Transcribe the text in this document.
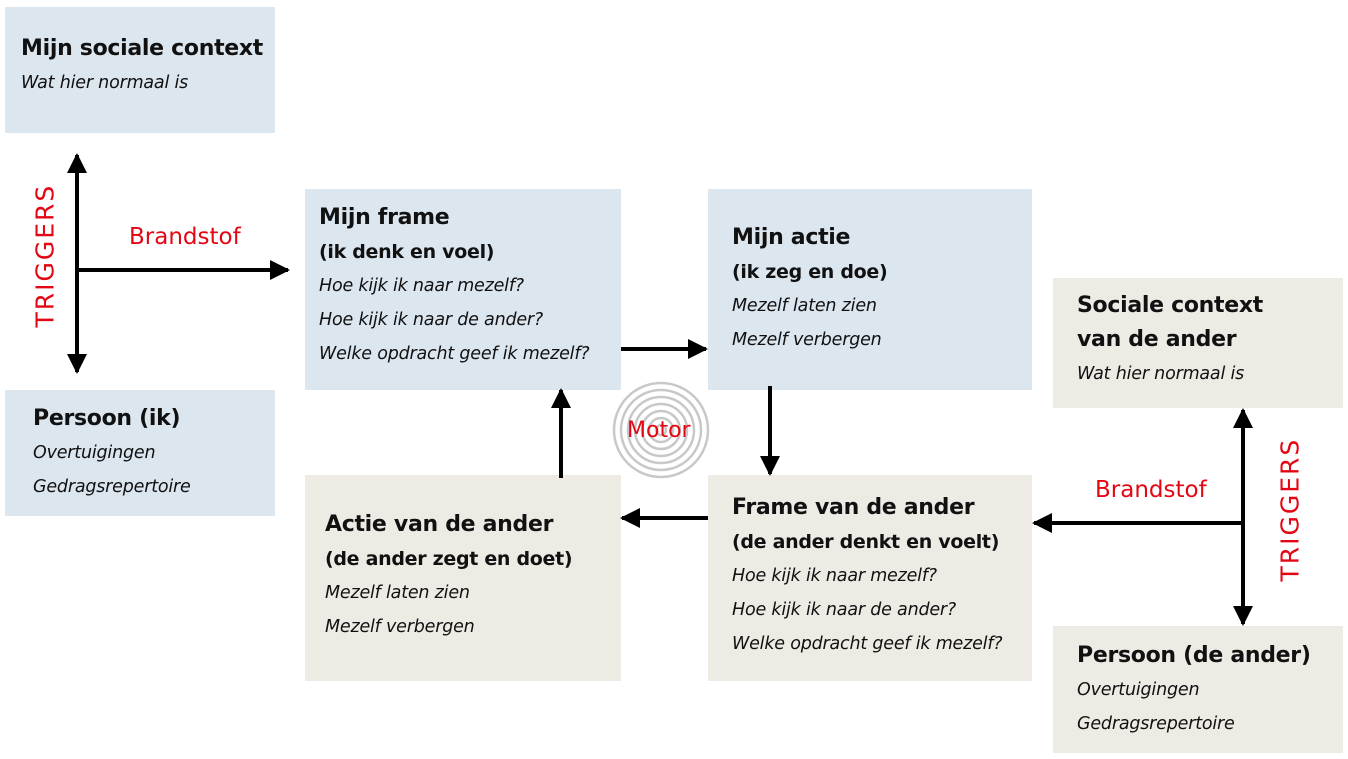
Mijn sociale context
Wat hier normaal is
Persoon (ik)
Overtuigingen
Gedragsrepertoire
Mijn frame
(ik denk en voel)
Hoe kijk ik naar mezelf?
Hoe kijk ik naar de ander?
Welke opdracht geef ik mezelf?
Mijn actie
(ik zeg en doe)
Mezelf laten zien
Mezelf verbergen
Actie van de ander
(de ander zegt en doet)
Mezelf laten zien
Mezelf verbergen
Frame van de ander
(de ander denkt en voelt)
Hoe kijk ik naar mezelf?
Hoe kijk ik naar de ander?
Welke opdracht geef ik mezelf?
Sociale context
van de ander
Wat hier normaal is
Persoon (de ander)
Overtuigingen
Gedragsrepertoire
Motor
Brandstof
Brandstof
TRIGGERS
TRIGGERS
